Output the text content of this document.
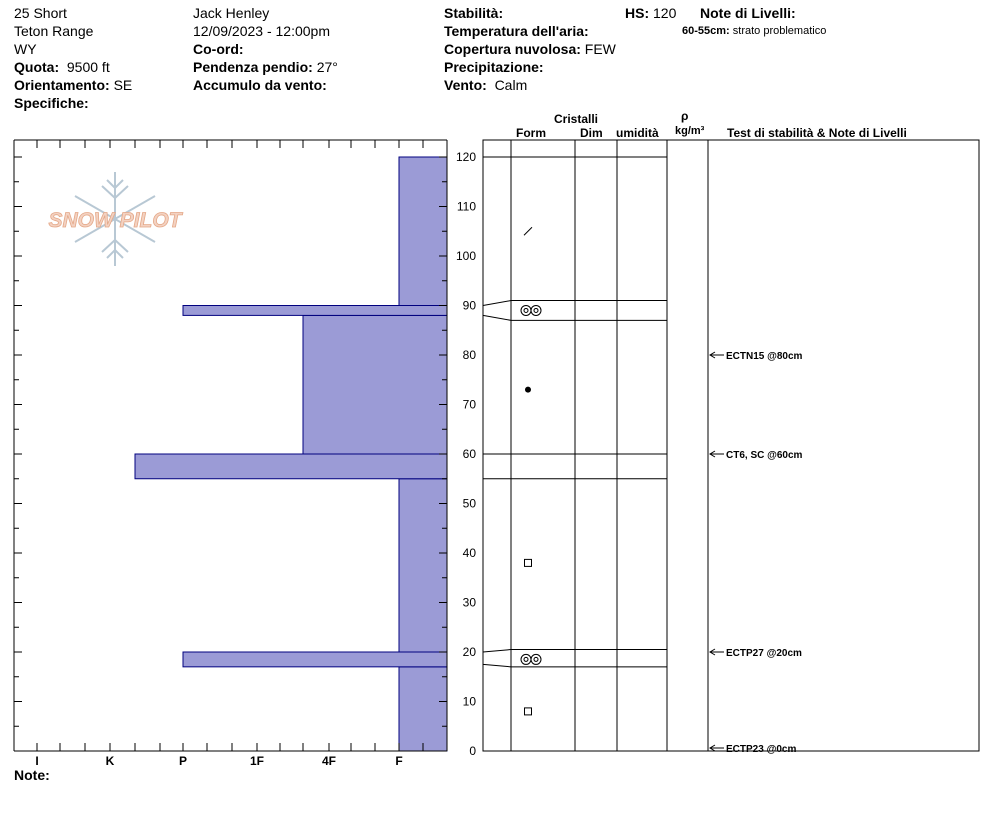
25 Short
Teton Range
WY
Quota: 9500 ft
Orientamento: SE
Specifiche:
Jack Henley
12/09/2023 - 12:00pm
Co-ord:
Pendenza pendio: 27°
Accumulo da vento:
Stabilità:
Temperatura dell'aria:
Copertura nuvolosa: FEW
Precipitazione:
Vento: Calm
HS: 120 Note di Livelli:
60-55cm: strato problematico
Cristalli
Form	Dim umidità
ρ
kg/m³ Test di stabilità & Note di Livelli
Note:
SNOW PILOT
ECTN15 @80cm
CT6, SC @60cm
ECTP27 @20cm
ECTP23 @0cm
0
10
20
30
40
50
60
70
80
90
100
110
120
I	K	P	1F	4F	F
